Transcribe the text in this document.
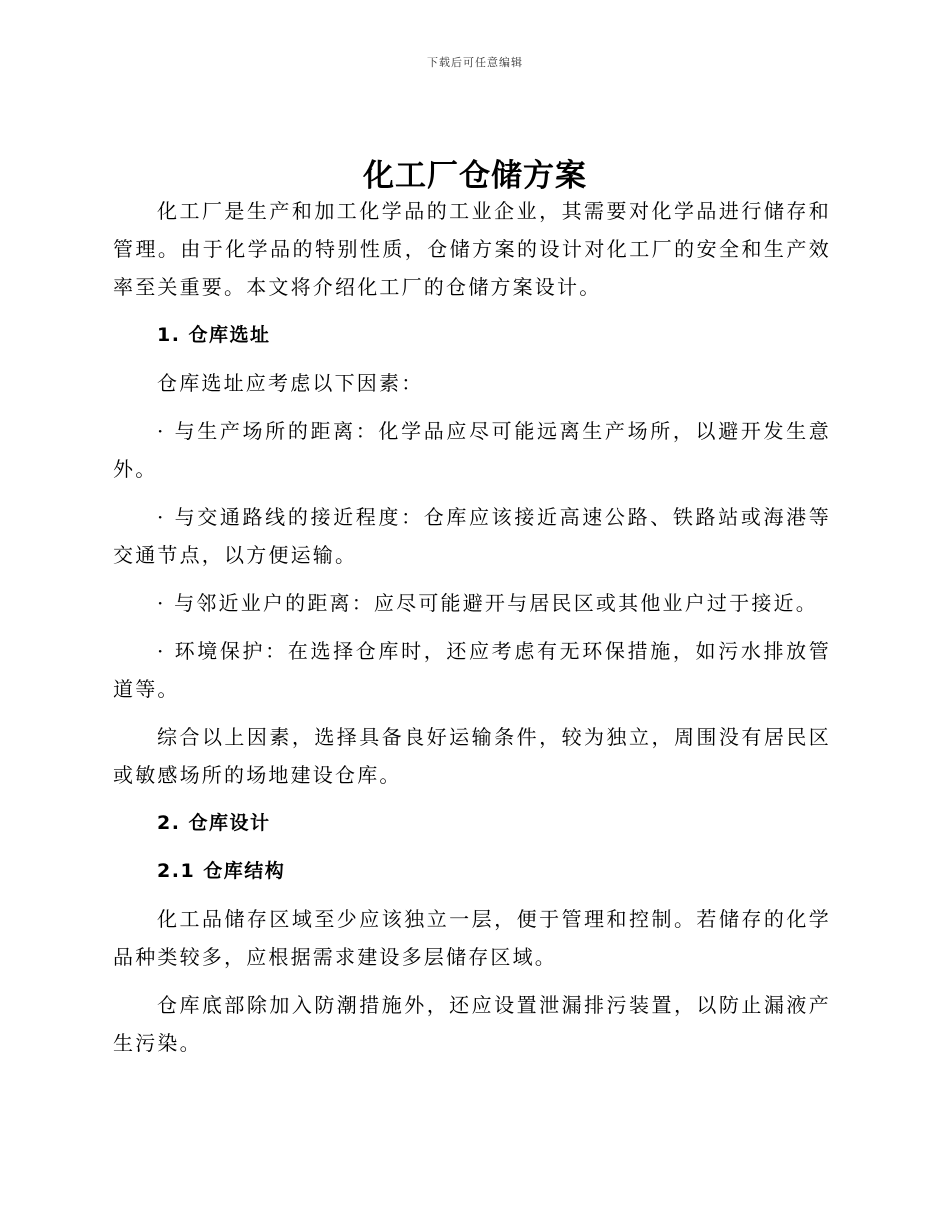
下载后可任意编辑
化工厂仓储方案

化工厂是生产和加工化学品的工业企业，其需要对化学品进行储存和管理。由于化学品的特别性质，仓储方案的设计对化工厂的安全和生产效率至关重要。本文将介绍化工厂的仓储方案设计。

1. 仓库选址

仓库选址应考虑以下因素：

· 与生产场所的距离：化学品应尽可能远离生产场所，以避开发生意外。

· 与交通路线的接近程度：仓库应该接近高速公路、铁路站或海港等交通节点，以方便运输。

· 与邻近业户的距离：应尽可能避开与居民区或其他业户过于接近。

· 环境保护：在选择仓库时，还应考虑有无环保措施，如污水排放管道等。

综合以上因素，选择具备良好运输条件，较为独立，周围没有居民区或敏感场所的场地建设仓库。

2. 仓库设计
2.1 仓库结构

化工品储存区域至少应该独立一层，便于管理和控制。若储存的化学品种类较多，应根据需求建设多层储存区域。

仓库底部除加入防潮措施外，还应设置泄漏排污装置，以防止漏液产生污染。
